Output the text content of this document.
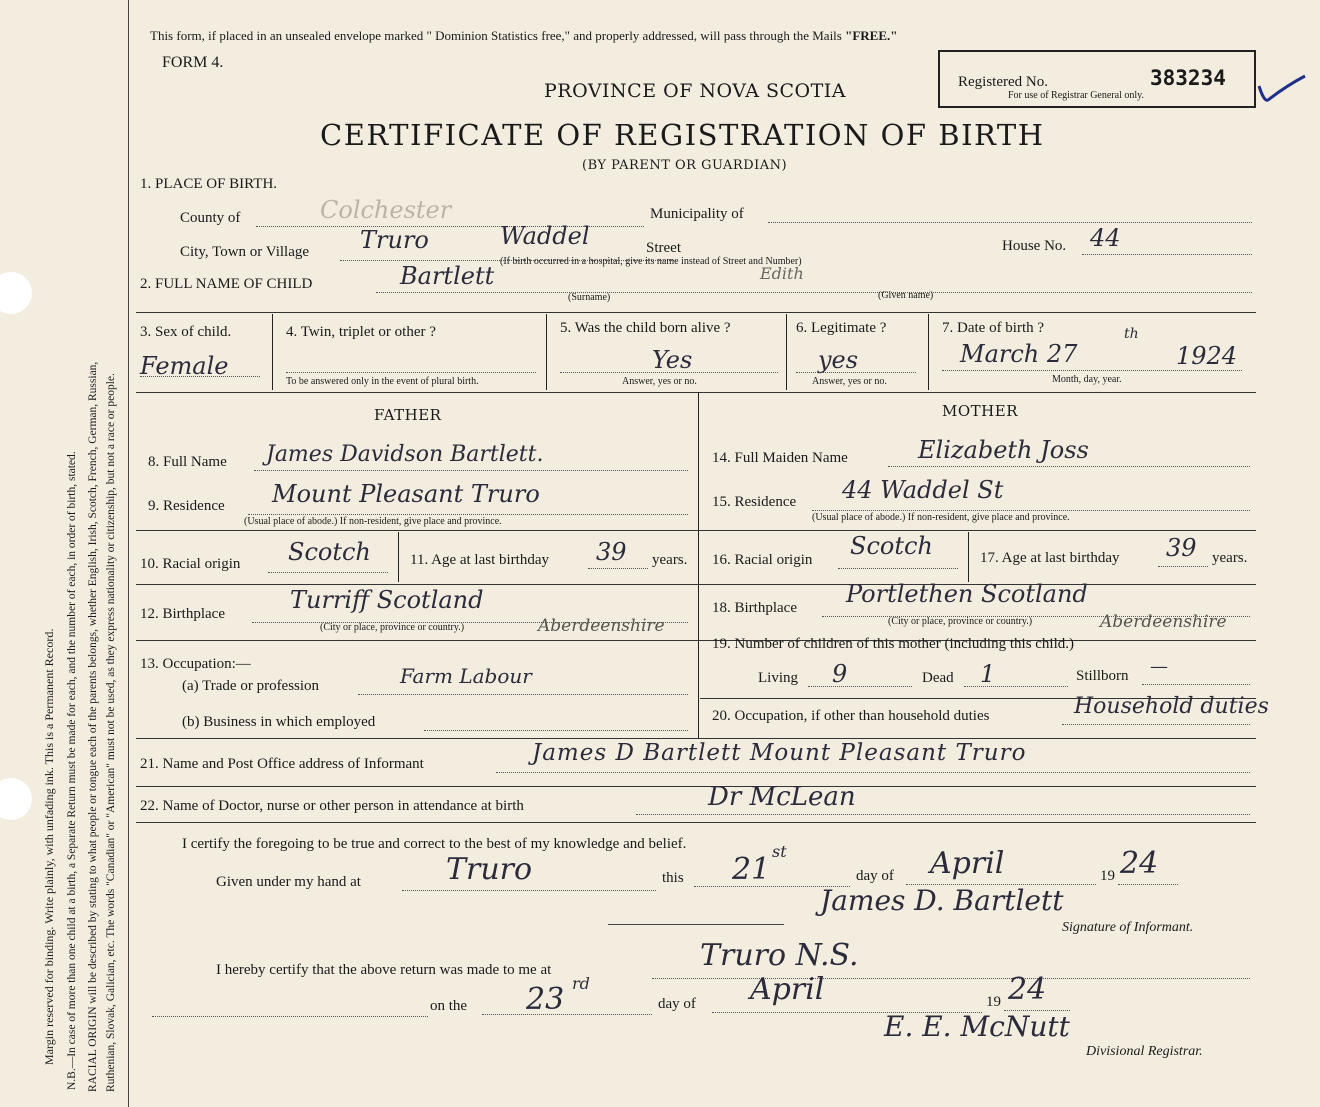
Margin reserved for binding. Write plainly, with unfading ink. This is a Permanent Record. N.B.—In case of more than one child at a birth, a Separate Return must be made for each, and the number of each, in order of birth, stated. RACIAL ORIGIN will be described by stating to what people or tongue each of the parents belongs, whether English, Irish, Scotch, French, German, Russian, Ruthenian, Slovak, Galician, etc. The words "Canadian" or "American" must not be used, as they express nationality or citizenship, but not a race or people.
This form, if placed in an unsealed envelope marked " Dominion Statistics free," and properly addressed, will pass through the Mails "FREE."
FORM 4.
Registered No.	383234
For use of Registrar General only.
PROVINCE OF NOVA SCOTIA
CERTIFICATE OF REGISTRATION OF BIRTH
(BY PARENT OR GUARDIAN)
1. PLACE OF BIRTH.
County of	Colchester	Municipality of
City, Town or Village Truro	Waddel	Street
(If birth occurred in a hospital, give its name instead of Street and Number)
House No. 44
2. FULL NAME OF CHILD	Bartlett	Edith
(Surname)	(Given name)
3. Sex of child.
Female
4. Twin, triplet or other ?
To be answered only in the event of plural birth.
5. Was the child born alive ?
Yes
Answer, yes or no.
6. Legitimate ?
yes
Answer, yes or no.
7. Date of birth ?
March 27
th
1924
Month, day, year.
FATHER	MOTHER
8. Full Name James Davidson Bartlett.	14. Full Maiden Name	Elizabeth Joss
9. Residence Mount Pleasant Truro
(Usual place of abode.) If non-resident, give place and province.
15. Residence 44 Waddel St
(Usual place of abode.) If non-resident, give place and province.
10. Racial origin Scotch	11. Age at last birthday 39 years. 16. Racial origin Scotch	17. Age at last birthday 39 years.
12. Birthplace	Turriff Scotland
(City or place, province or country.)	Aberdeenshire
18. Birthplace Portlethen Scotland
(City or place, province or country.)	Aberdeenshire
13. Occupation:—
(a) Trade or profession	Farm Labour
(b) Business in which employed
19. Number of children of this mother (including this child.)
Living 9	Dead 1	Stillborn —
20. Occupation, if other than household duties	Household duties
21. Name and Post Office address of Informant	James D Bartlett Mount Pleasant Truro
22. Name of Doctor, nurse or other person in attendance at birth	Dr McLean
I certify the foregoing to be true and correct to the best of my knowledge and belief.
Given under my hand at	Truro	this 21
st
day of April	19 24
James D. Bartlett
Signature of Informant.
I hereby certify that the above return was made to me at	Truro N.S.
on the 23 rd
day of April	19 24
E. E. McNutt
Divisional Registrar.
